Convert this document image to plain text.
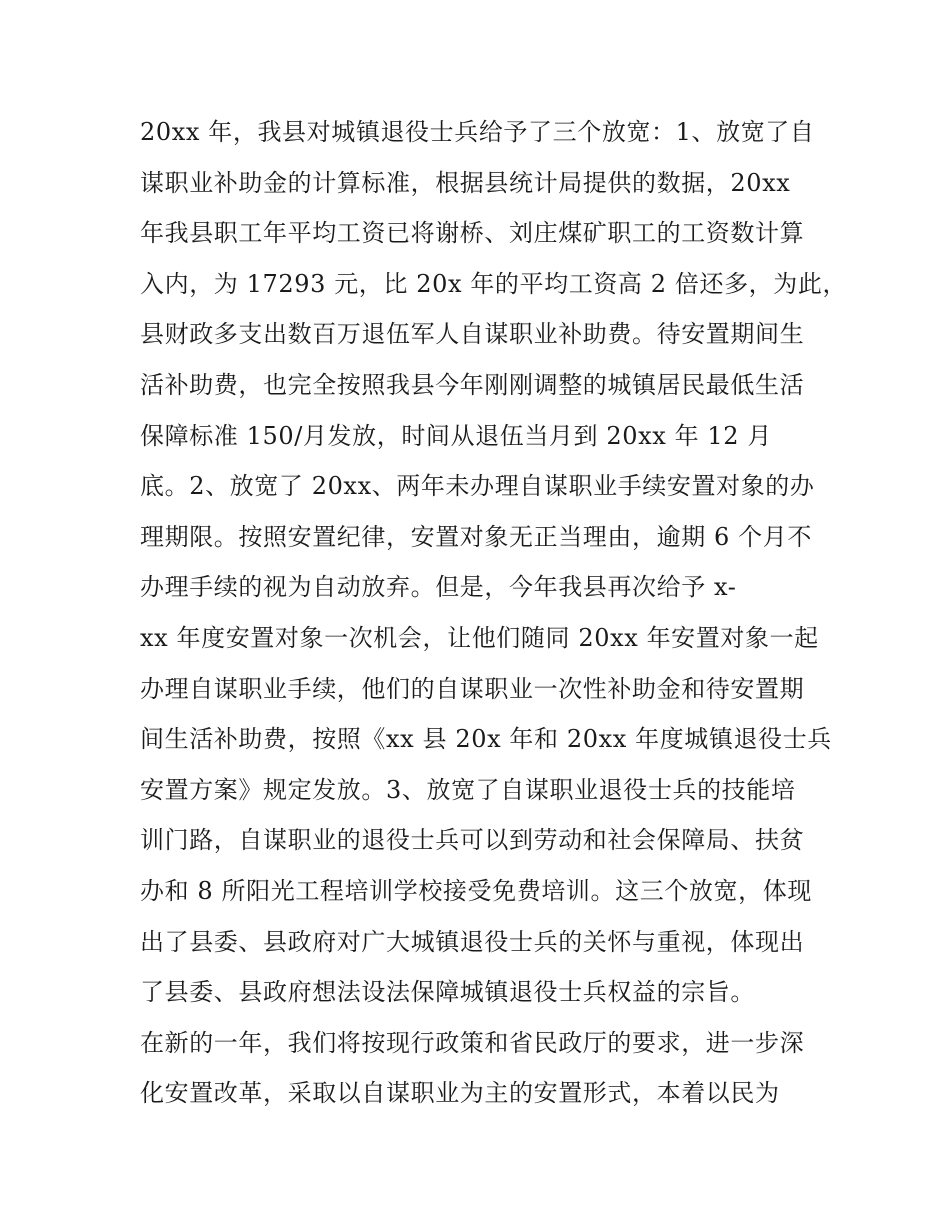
20xx 年，我县对城镇退役士兵给予了三个放宽：1、放宽了自
谋职业补助金的计算标准，根据县统计局提供的数据，20xx
年我县职工年平均工资已将谢桥、刘庄煤矿职工的工资数计算
入内，为 17293 元，比 20x 年的平均工资高 2 倍还多，为此，
县财政多支出数百万退伍军人自谋职业补助费。待安置期间生
活补助费，也完全按照我县今年刚刚调整的城镇居民最低生活
保障标准 150/月发放，时间从退伍当月到 20xx 年 12 月
底。2、放宽了 20xx、两年未办理自谋职业手续安置对象的办
理期限。按照安置纪律，安置对象无正当理由，逾期 6 个月不
办理手续的视为自动放弃。但是，今年我县再次给予 x-
xx 年度安置对象一次机会，让他们随同 20xx 年安置对象一起
办理自谋职业手续，他们的自谋职业一次性补助金和待安置期
间生活补助费，按照《xx 县 20x 年和 20xx 年度城镇退役士兵
安置方案》规定发放。3、放宽了自谋职业退役士兵的技能培
训门路，自谋职业的退役士兵可以到劳动和社会保障局、扶贫
办和 8 所阳光工程培训学校接受免费培训。这三个放宽，体现
出了县委、县政府对广大城镇退役士兵的关怀与重视，体现出
了县委、县政府想法设法保障城镇退役士兵权益的宗旨。
在新的一年，我们将按现行政策和省民政厅的要求，进一步深
化安置改革，采取以自谋职业为主的安置形式，本着以民为
